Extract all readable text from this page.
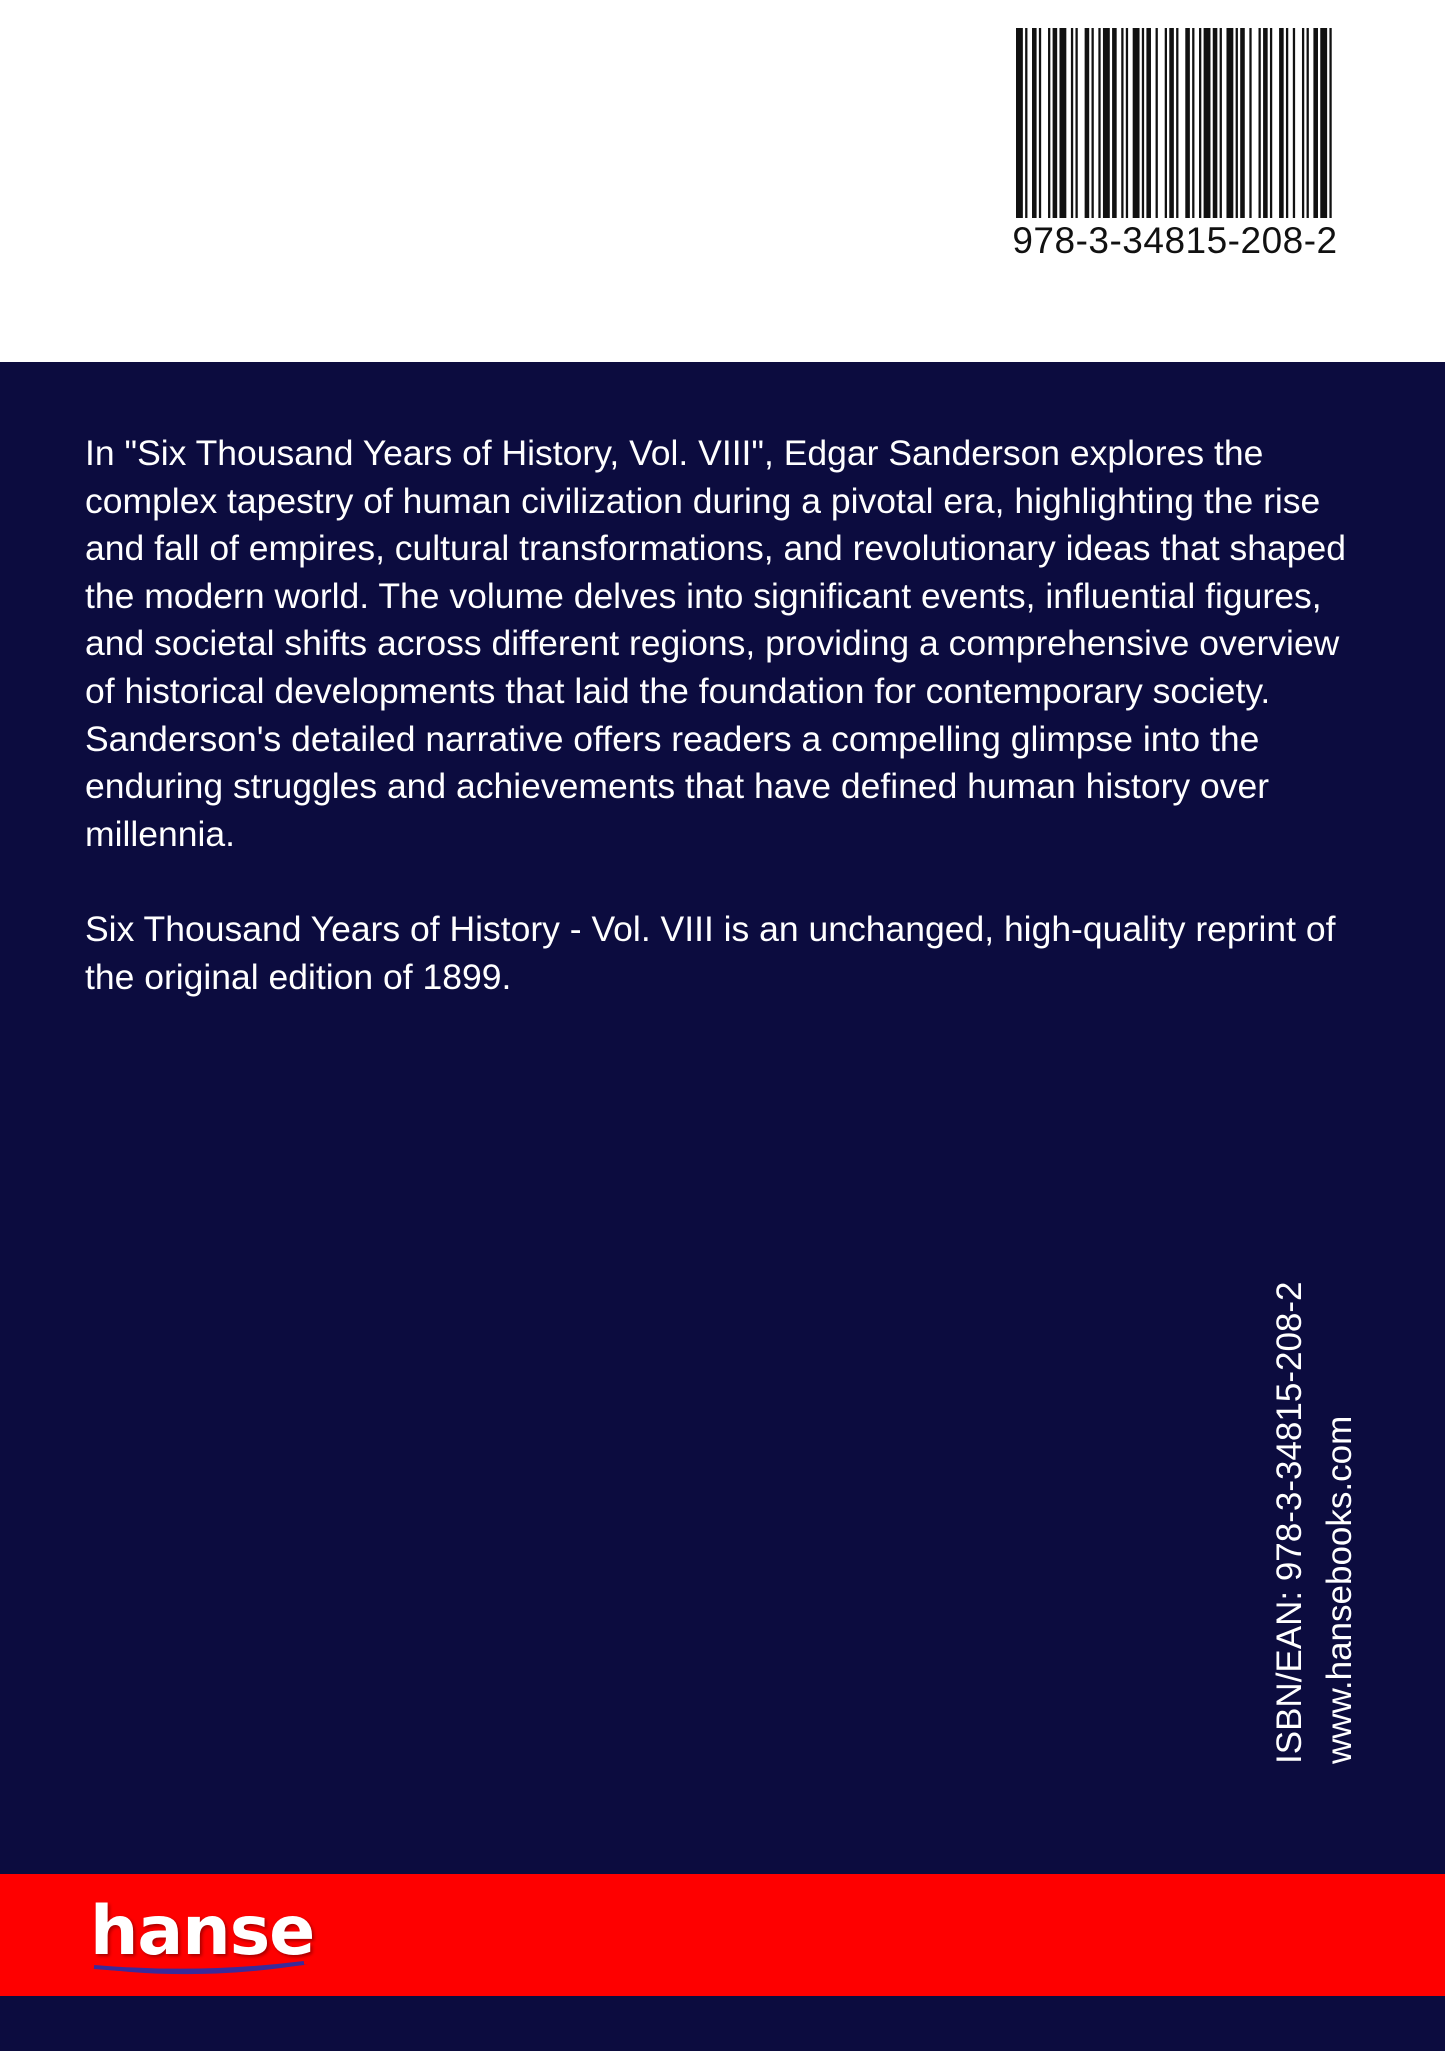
978-3-34815-208-2

In "Six Thousand Years of History, Vol. VIII", Edgar Sanderson explores the complex tapestry of human civilization during a pivotal era, highlighting the rise and fall of empires, cultural transformations, and revolutionary ideas that shaped the modern world. The volume delves into significant events, influential figures, and societal shifts across different regions, providing a comprehensive overview of historical developments that laid the foundation for contemporary society. Sanderson's detailed narrative offers readers a compelling glimpse into the enduring struggles and achievements that have defined human history over millennia.

Six Thousand Years of History - Vol. VIII is an unchanged, high-quality reprint of the original edition of 1899.

ISBN/EAN: 978-3-34815-208-2 www.hansebooks.com
hanse
